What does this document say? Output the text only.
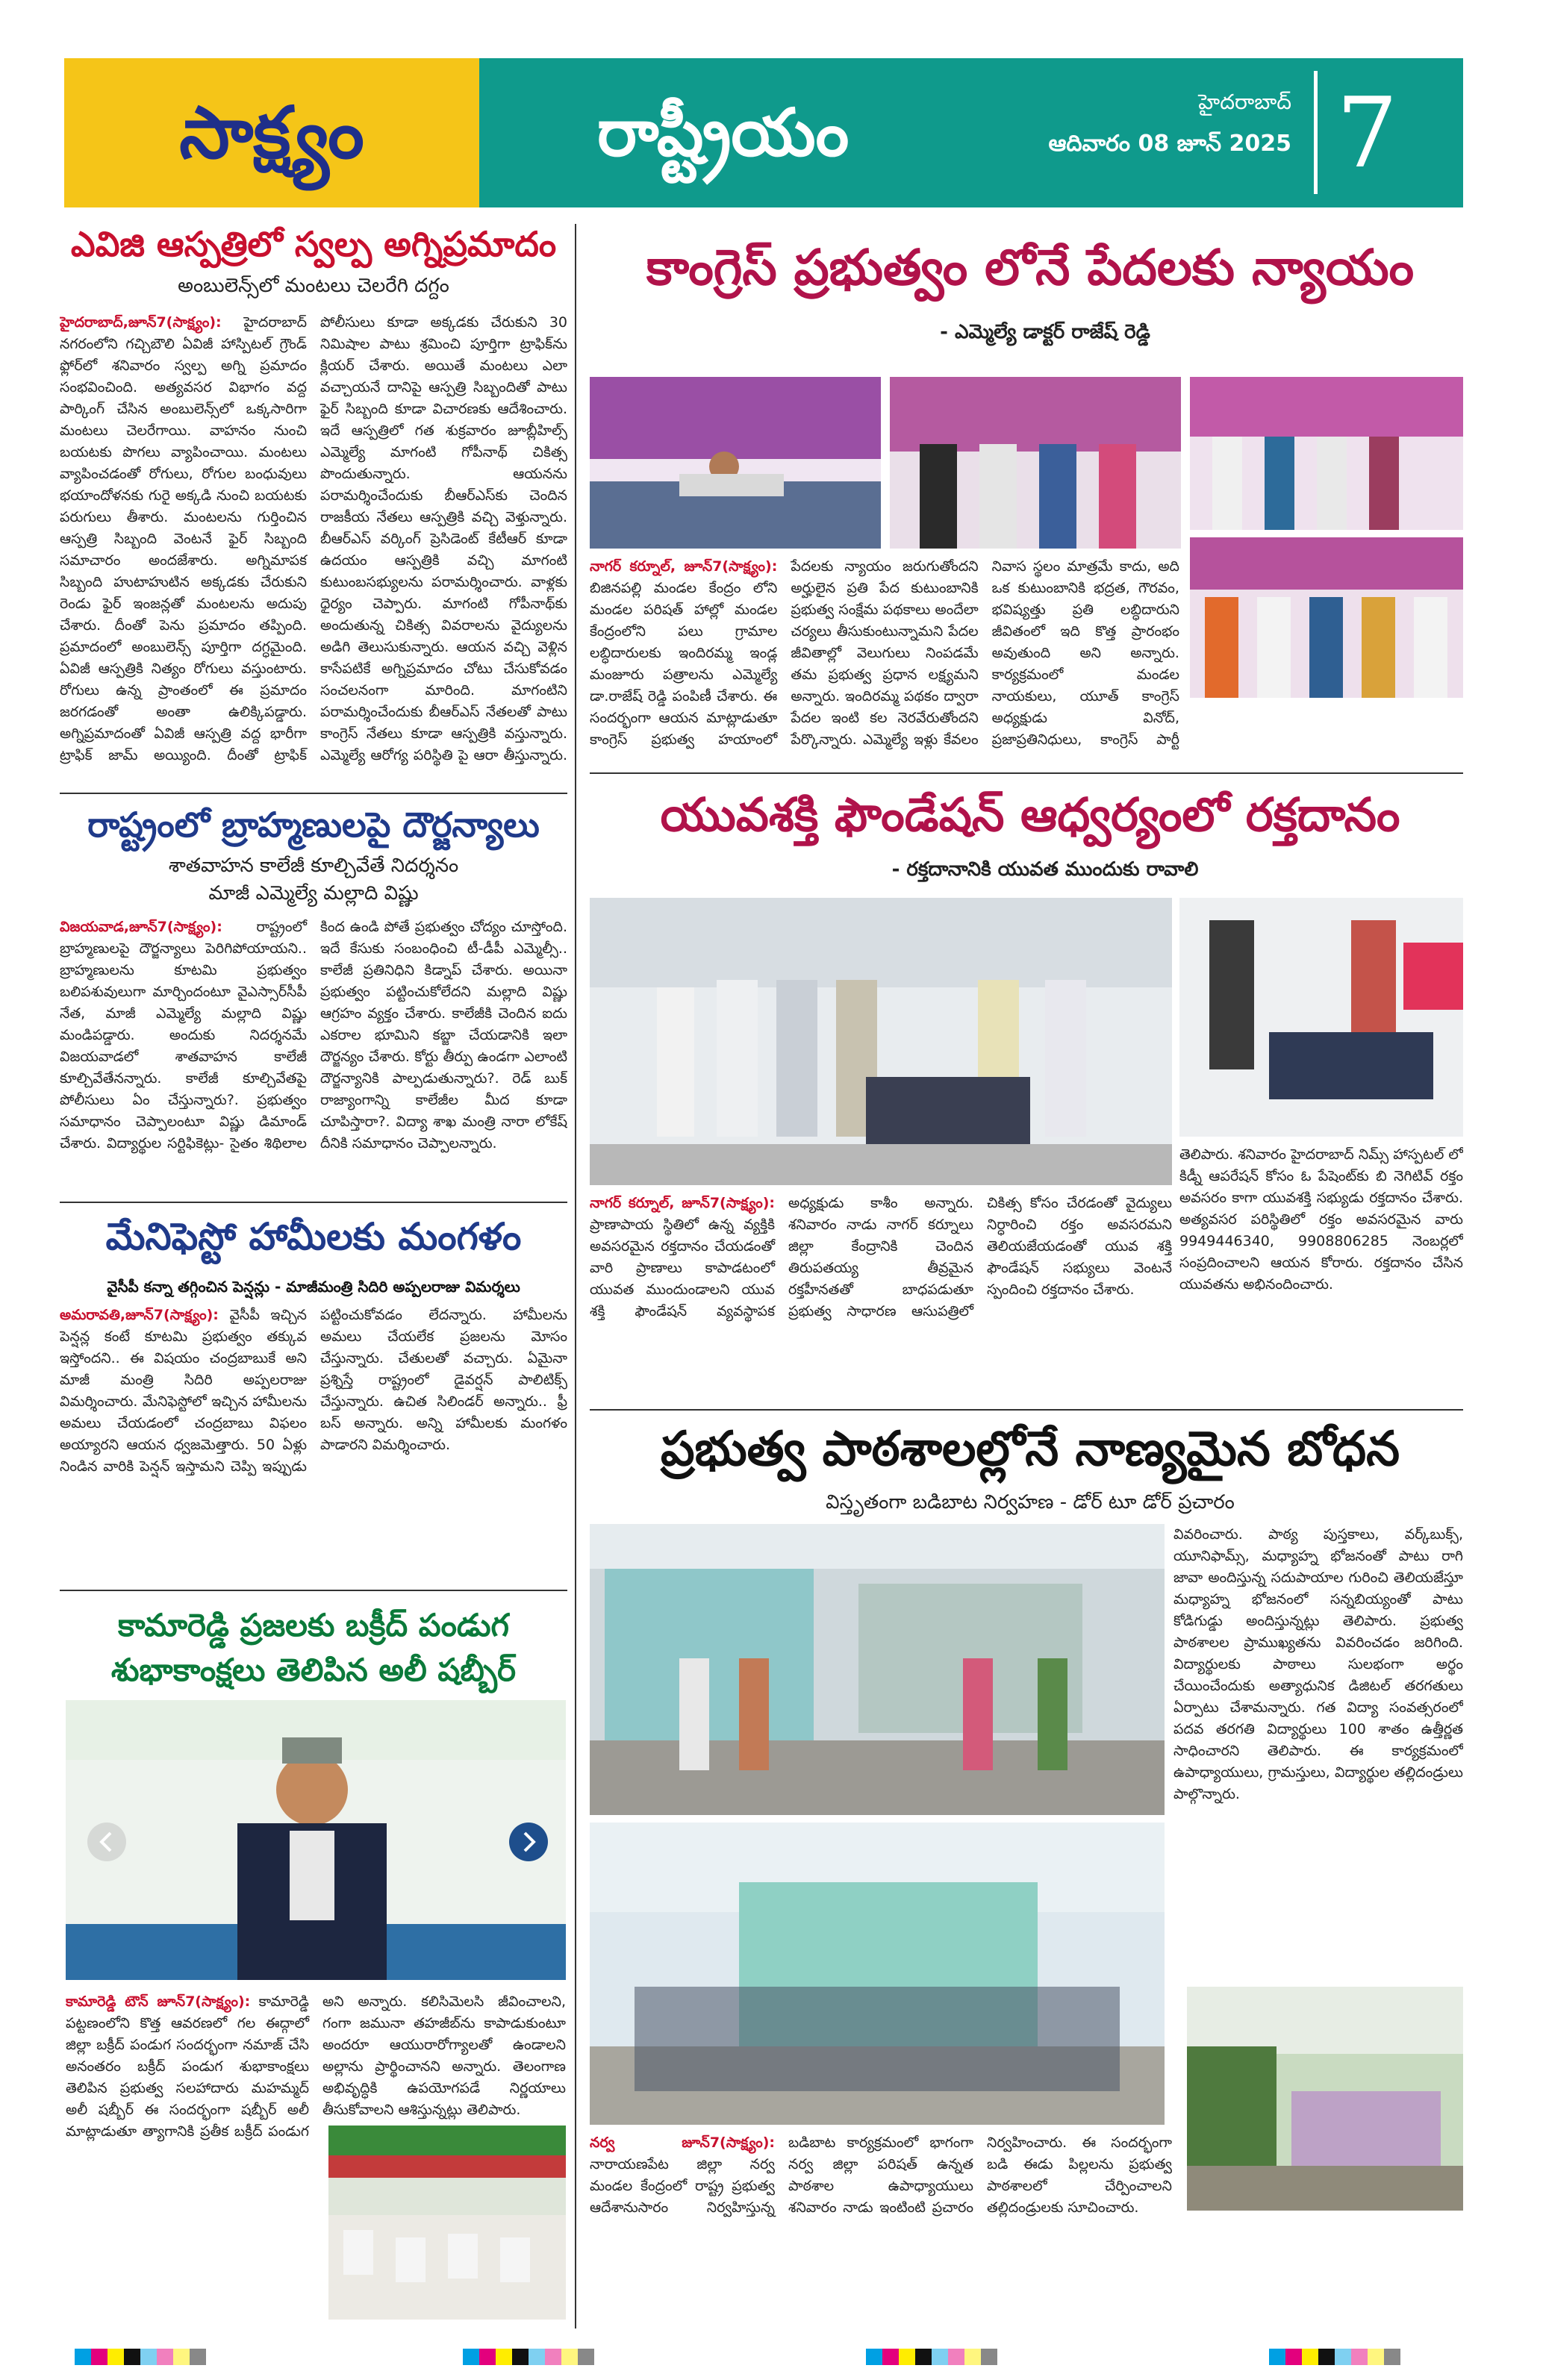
సాక్ష్యం	రాష్ట్రీయం	హైదరాబాద్
ఆదివారం 08 జూన్ 2025 7
ఎవిజి ఆస్పత్రిలో స్వల్ప అగ్నిప్రమాదం
అంబులెన్స్‌లో మంటలు చెలరేగి దగ్దం
హైదరాబాద్,జూన్7(సాక్ష్యం): హైదరాబాద్ నగరంలోని గచ్చిబౌలి ఏవిజీ హాస్పిటల్ గ్రౌండ్ ఫ్లోర్‌లో శనివారం స్వల్ప అగ్ని ప్రమాదం సంభవించింది. అత్యవసర విభాగం వద్ద పార్కింగ్ చేసిన అంబులెన్స్‌లో ఒక్కసారిగా మంటలు చెలరేగాయి. వాహనం నుంచి బయటకు పొగలు వ్యాపించాయి. మంటలు వ్యాపించడంతో రోగులు, రోగుల బంధువులు భయాందోళనకు గురై అక్కడి నుంచి బయటకు పరుగులు తీశారు. మంటలను గుర్తించిన ఆస్పత్రి సిబ్బంది వెంటనే ఫైర్ సిబ్బంది సమాచారం అందజేశారు. అగ్నిమాపక సిబ్బంది హుటాహుటిన అక్కడకు చేరుకుని రెండు ఫైర్ ఇంజన్లతో మంటలను అదుపు చేశారు. దీంతో పెను ప్రమాదం తప్పింది. ప్రమాదంలో అంబులెన్స్ పూర్తిగా దగ్ధమైంది. ఏవిజీ ఆస్పత్రికి నిత్యం రోగులు వస్తుంటారు. రోగులు ఉన్న ప్రాంతంలో ఈ ప్రమాదం జరగడంతో అంతా ఉలిక్కిపడ్డారు. అగ్నిప్రమాదంతో ఏవిజీ ఆస్పత్రి వద్ద భారీగా ట్రాఫిక్ జామ్ అయ్యింది. దీంతో ట్రాఫిక్ పోలీసులు కూడా అక్కడకు చేరుకుని 30 నిమిషాల పాటు శ్రమించి పూర్తిగా ట్రాఫిక్‌ను క్లియర్ చేశారు. అయితే మంటలు ఎలా వచ్చాయనే దానిపై ఆస్పత్రి సిబ్బందితో పాటు ఫైర్ సిబ్బంది కూడా విచారణకు ఆదేశించారు. ఇదే ఆస్పత్రిలో గత శుక్రవారం జూబ్లీహిల్స్ ఎమ్మెల్యే మాగంటి గోపీనాథ్ చికిత్స పొందుతున్నారు. ఆయనను పరామర్శించేందుకు బీఆర్ఎస్‌కు చెందిన రాజకీయ నేతలు ఆస్పత్రికి వచ్చి వెళ్తున్నారు. బీఆర్ఎస్ వర్కింగ్ ప్రెసిడెంట్ కేటీఆర్ కూడా ఉదయం ఆస్పత్రికి వచ్చి మాగంటి కుటుంబసభ్యులను పరామర్శించారు. వాళ్లకు ధైర్యం చెప్పారు. మాగంటి గోపీనాథ్‌కు అందుతున్న చికిత్స వివరాలను వైద్యులను అడిగి తెలుసుకున్నారు. ఆయన వచ్చి వెళ్లిన కాసేపటికే అగ్నిప్రమాదం చోటు చేసుకోవడం సంచలనంగా మారింది. మాగంటిని పరామర్శించేందుకు బీఆర్ఎస్ నేతలతో పాటు కాంగ్రెస్ నేతలు కూడా ఆస్పత్రికి వస్తున్నారు. ఎమ్మెల్యే ఆరోగ్య పరిస్థితి పై ఆరా తీస్తున్నారు.
రాష్ట్రంలో బ్రాహ్మణులపై దౌర్జన్యాలు
శాతవాహన కాలేజీ కూల్చివేతే నిదర్శనం
మాజీ ఎమ్మెల్యే మల్లాది విష్ణు
విజయవాడ,జూన్7(సాక్ష్యం): రాష్ట్రంలో బ్రాహ్మణులపై దౌర్జన్యాలు పెరిగిపోయాయని.. బ్రాహ్మణులను కూటమి ప్రభుత్వం బలిపశువులుగా మార్చిందంటూ వైఎస్సార్‌సీపీ నేత, మాజీ ఎమ్మెల్యే మల్లాది విష్ణు మండిపడ్డారు. అందుకు నిదర్శనమే విజయవాడలో శాతవాహన కాలేజీ కూల్చివేతేనన్నారు. కాలేజీ కూల్చివేతపై పోలీసులు ఏం చేస్తున్నారు?. ప్రభుత్వం సమాధానం చెప్పాలంటూ విష్ణు డిమాండ్ చేశారు. విద్యార్థుల సర్టిఫికెట్లు- సైతం శిథిలాల కింద ఉండి పోతే ప్రభుత్వం చోద్యం చూస్తోంది. ఇదే కేసుకు సంబంధించి టీ-డీపీ ఎమ్మెల్సీ.. కాలేజీ ప్రతినిధిని కిడ్నాప్ చేశారు. అయినా ప్రభుత్వం పట్టించుకోలేదని మల్లాది విష్ణు ఆగ్రహం వ్యక్తం చేశారు. కాలేజీకి చెందిన ఐదు ఎకరాల భూమిని కబ్జా చేయడానికి ఇలా దౌర్జన్యం చేశారు. కోర్టు తీర్పు ఉండగా ఎలాంటి దౌర్జన్యానికి పాల్పడుతున్నారు?. రెడ్ బుక్ రాజ్యాంగాన్ని కాలేజీల మీద కూడా చూపిస్తారా?. విద్యా శాఖ మంత్రి నారా లోకేష్ దీనికి సమాధానం చెప్పాలన్నారు.
మేనిఫెస్టో హామీలకు మంగళం
వైసీపీ కన్నా తగ్గించిన పెన్షన్లు - మాజీమంత్రి సిదిరి అప్పలరాజు విమర్శలు
అమరావతి,జూన్7(సాక్ష్యం): వైసీపీ ఇచ్చిన పెన్షన్ల కంటే కూటమి ప్రభుత్వం తక్కువ ఇస్తోందని.. ఈ విషయం చంద్రబాబుకే అని మాజీ మంత్రి సిదిరి అప్పలరాజు విమర్శించారు. మేనిఫెస్టోలో ఇచ్చిన హామీలను అమలు చేయడంలో చంద్రబాబు విఫలం అయ్యారని ఆయన ధ్వజమెత్తారు. 50 ఏళ్లు నిండిన వారికి పెన్షన్ ఇస్తామని చెప్పి ఇప్పుడు పట్టించుకోవడం లేదన్నారు. హామీలను అమలు చేయలేక ప్రజలను మోసం చేస్తున్నారు. చేతులతో వచ్చారు. ఏమైనా ప్రశ్నిస్తే రాష్ట్రంలో డైవర్షన్ పాలిటిక్స్ చేస్తున్నారు. ఉచిత సిలిండర్ అన్నారు.. ఫ్రీ బస్ అన్నారు. అన్ని హామీలకు మంగళం పాడారని విమర్శించారు.
కామారెడ్డి ప్రజలకు బక్రీద్ పండుగ శుభాకాంక్షలు తెలిపిన అలీ షబ్బీర్
కామారెడ్డి టౌన్ జూన్7(సాక్ష్యం): కామారెడ్డి పట్టణంలోని కొత్త ఆవరణలో గల ఈద్గాలో జిల్లా బక్రీద్ పండుగ సందర్భంగా నమాజ్ చేసి అనంతరం బక్రీద్ పండుగ శుభాకాంక్షలు తెలిపిన ప్రభుత్వ సలహాదారు మహమ్మద్ అలీ షబ్బీర్ ఈ సందర్భంగా షబ్బీర్ అలీ మాట్లాడుతూ త్యాగానికి ప్రతీక బక్రీద్ పండుగ అని అన్నారు. కలిసిమెలసి జీవించాలని, గంగా జమునా తహజీబ్‌ను కాపాడుకుంటూ అందరూ ఆయురారోగ్యాలతో ఉండాలని అల్లాను ప్రార్థించానని అన్నారు. తెలంగాణ అభివృద్ధికి ఉపయోగపడే నిర్ణయాలు తీసుకోవాలని ఆశిస్తున్నట్లు తెలిపారు.
కాంగ్రెస్ ప్రభుత్వం లోనే పేదలకు న్యాయం
- ఎమ్మెల్యే డాక్టర్ రాజేష్ రెడ్డి
నాగర్ కర్నూల్, జూన్7(సాక్ష్యం): బిజినపల్లి మండల కేంద్రం లోని మండల పరిషత్ హాల్లో మండల కేంద్రంలోని పలు గ్రామాల లబ్ధిదారులకు ఇందిరమ్మ ఇండ్ల మంజూరు పత్రాలను ఎమ్మెల్యే డా.రాజేష్ రెడ్డి పంపిణీ చేశారు. ఈ సందర్భంగా ఆయన మాట్లాడుతూ కాంగ్రెస్ ప్రభుత్వ హయాంలో పేదలకు న్యాయం జరుగుతోందని అర్హులైన ప్రతి పేద కుటుంబానికి ప్రభుత్వ సంక్షేమ పథకాలు అందేలా చర్యలు తీసుకుంటున్నామని పేదల జీవితాల్లో వెలుగులు నింపడమే తమ ప్రభుత్వ ప్రధాన లక్ష్యమని అన్నారు. ఇందిరమ్మ పథకం ద్వారా పేదల ఇంటి కల నెరవేరుతోందని పేర్కొన్నారు. ఎమ్మెల్యే ఇళ్లు కేవలం నివాస స్థలం మాత్రమే కాదు, అది ఒక కుటుంబానికి భద్రత, గౌరవం, భవిష్యత్తు ప్రతి లబ్ధిదారుని జీవితంలో ఇది కొత్త ప్రారంభం అవుతుంది అని అన్నారు. కార్యక్రమంలో మండల నాయకులు, యూత్ కాంగ్రెస్ అధ్యక్షుడు వినోద్, ప్రజాప్రతినిధులు, కాంగ్రెస్ పార్టీ
యువశక్తి ఫౌండేషన్ ఆధ్వర్యంలో రక్తదానం
- రక్తదానానికి యువత ముందుకు రావాలి
తెలిపారు. శనివారం హైదరాబాద్ నిమ్స్ హాస్పటల్ లో కిడ్నీ ఆపరేషన్ కోసం ఓ పేషెంట్‌కు బి నెగిటివ్ రక్తం అవసరం కాగా యువశక్తి సభ్యుడు రక్తదానం చేశారు. అత్యవసర పరిస్థితిలో రక్తం అవసరమైన వారు 9949446340, 9908806285 నెంబర్లలో సంప్రదించాలని ఆయన కోరారు. రక్తదానం చేసిన యువతను అభినందించారు.
నాగర్ కర్నూల్, జూన్7(సాక్ష్యం): ప్రాణాపాయ స్థితిలో ఉన్న వ్యక్తికి అవసరమైన రక్తదానం చేయడంతో వారి ప్రాణాలు కాపాడటంలో యువత ముందుండాలని యువ శక్తి ఫౌండేషన్ వ్యవస్థాపక అధ్యక్షుడు కాశీం అన్నారు. శనివారం నాడు నాగర్ కర్నూలు జిల్లా కేంద్రానికి చెందిన తిరుపతయ్య తీవ్రమైన రక్తహీనతతో బాధపడుతూ ప్రభుత్వ సాధారణ ఆసుపత్రిలో చికిత్స కోసం చేరడంతో వైద్యులు నిర్ధారించి రక్తం అవసరమని తెలియజేయడంతో యువ శక్తి ఫౌండేషన్ సభ్యులు వెంటనే స్పందించి రక్తదానం చేశారు.
ప్రభుత్వ పాఠశాలల్లోనే నాణ్యమైన బోధన
విస్తృతంగా బడిబాట నిర్వహణ - డోర్ టూ డోర్ ప్రచారం
వివరించారు. పాఠ్య పుస్తకాలు, వర్క్‌బుక్స్, యూనిఫామ్స్, మధ్యాహ్న భోజనంతో పాటు రాగి జావా అందిస్తున్న సదుపాయాల గురించి తెలియజేస్తూ మధ్యాహ్న భోజనంలో సన్నబియ్యంతో పాటు కోడిగుడ్డు అందిస్తున్నట్లు తెలిపారు. ప్రభుత్వ పాఠశాలల ప్రాముఖ్యతను వివరించడం జరిగింది. విద్యార్థులకు పాఠాలు సులభంగా అర్థం చేయించేందుకు అత్యాధునిక డిజిటల్ తరగతులు ఏర్పాటు చేశామన్నారు. గత విద్యా సంవత్సరంలో పదవ తరగతి విద్యార్థులు 100 శాతం ఉత్తీర్ణత సాధించారని తెలిపారు. ఈ కార్యక్రమంలో ఉపాధ్యాయులు, గ్రామస్తులు, విద్యార్థుల తల్లిదండ్రులు పాల్గొన్నారు.
నర్వ జూన్7(సాక్ష్యం): నారాయణపేట జిల్లా నర్వ మండల కేంద్రంలో రాష్ట్ర ప్రభుత్వ ఆదేశానుసారం నిర్వహిస్తున్న బడిబాట కార్యక్రమంలో భాగంగా నర్వ జిల్లా పరిషత్ ఉన్నత పాఠశాల ఉపాధ్యాయులు శనివారం నాడు ఇంటింటి ప్రచారం నిర్వహించారు. ఈ సందర్భంగా బడి ఈడు పిల్లలను ప్రభుత్వ పాఠశాలలో చేర్పించాలని తల్లిదండ్రులకు సూచించారు.
